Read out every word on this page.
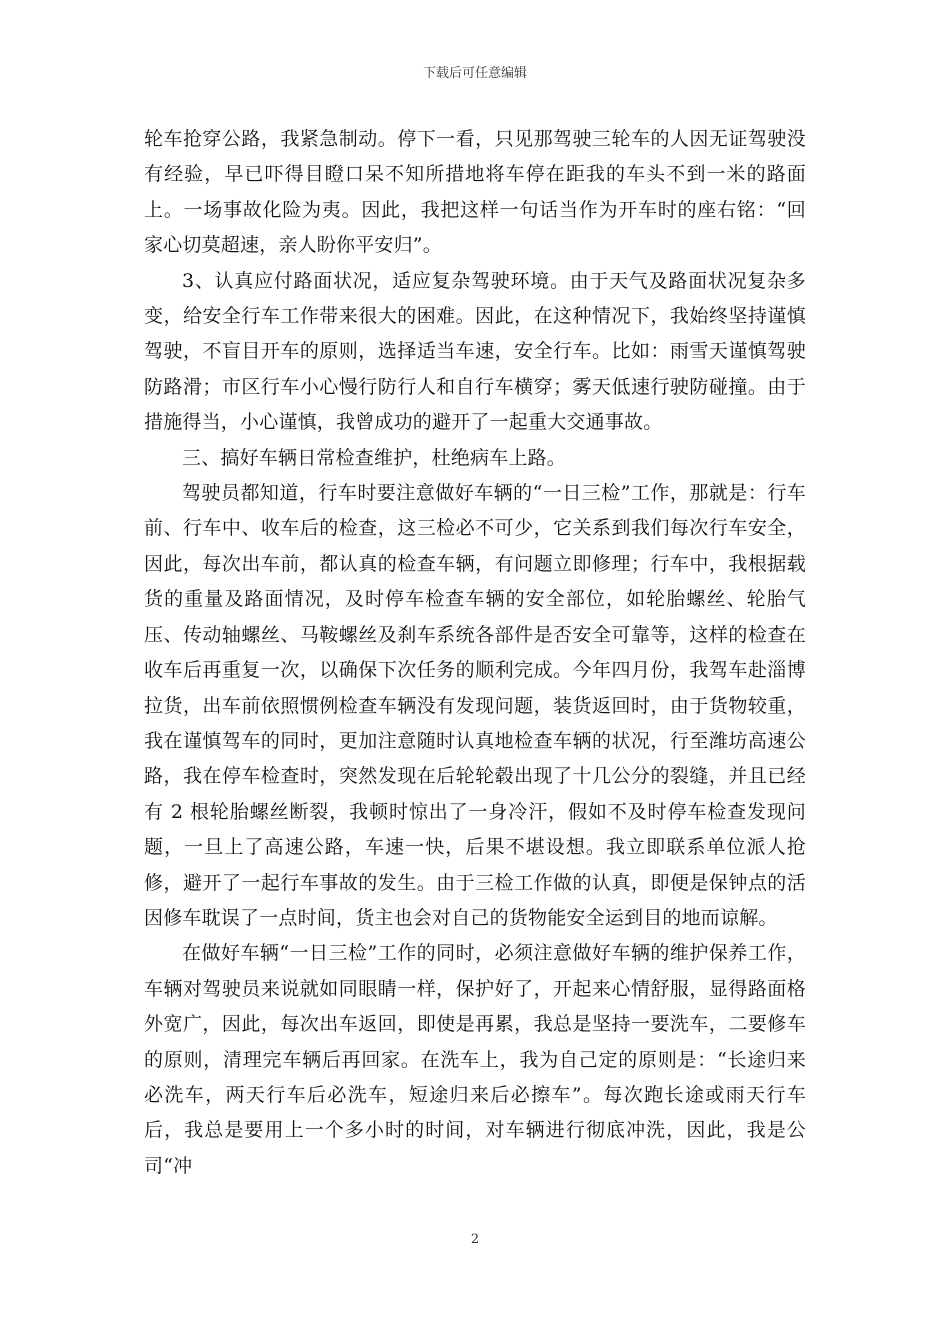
下载后可任意编辑

轮车抢穿公路，我紧急制动。停下一看，只见那驾驶三轮车的人因无证驾驶没有经验，早已吓得目瞪口呆不知所措地将车停在距我的车头不到一米的路面上。一场事故化险为夷。因此，我把这样一句话当作为开车时的座右铭：“回家心切莫超速，亲人盼你平安归”。

3、认真应付路面状况，适应复杂驾驶环境。由于天气及路面状况复杂多变，给安全行车工作带来很大的困难。因此，在这种情况下，我始终坚持谨慎驾驶，不盲目开车的原则，选择适当车速，安全行车。比如：雨雪天谨慎驾驶防路滑；市区行车小心慢行防行人和自行车横穿；雾天低速行驶防碰撞。由于措施得当，小心谨慎，我曾成功的避开了一起重大交通事故。

三、搞好车辆日常检查维护，杜绝病车上路。

驾驶员都知道，行车时要注意做好车辆的“一日三检”工作，那就是：行车前、行车中、收车后的检查，这三检必不可少，它关系到我们每次行车安全，因此，每次出车前，都认真的检查车辆，有问题立即修理；行车中，我根据载货的重量及路面情况，及时停车检查车辆的安全部位，如轮胎螺丝、轮胎气压、传动轴螺丝、马鞍螺丝及刹车系统各部件是否安全可靠等，这样的检查在收车后再重复一次，以确保下次任务的顺利完成。今年四月份，我驾车赴淄博拉货，出车前依照惯例检查车辆没有发现问题，装货返回时，由于货物较重，我在谨慎驾车的同时，更加注意随时认真地检查车辆的状况，行至潍坊高速公路，我在停车检查时，突然发现在后轮轮毂出现了十几公分的裂缝，并且已经有 2 根轮胎螺丝断裂，我顿时惊出了一身冷汗，假如不及时停车检查发现问题，一旦上了高速公路，车速一快，后果不堪设想。我立即联系单位派人抢修，避开了一起行车事故的发生。由于三检工作做的认真，即便是保钟点的活因修车耽误了一点时间，货主也会对自己的货物能安全运到目的地而谅解。

在做好车辆“一日三检”工作的同时，必须注意做好车辆的维护保养工作，车辆对驾驶员来说就如同眼睛一样，保护好了，开起来心情舒服，显得路面格外宽广，因此，每次出车返回，即使是再累，我总是坚持一要洗车，二要修车的原则，清理完车辆后再回家。在洗车上，我为自己定的原则是：“长途归来必洗车，两天行车后必洗车，短途归来后必擦车”。每次跑长途或雨天行车后，我总是要用上一个多小时的时间，对车辆进行彻底冲洗，因此，我是公司“冲

2
